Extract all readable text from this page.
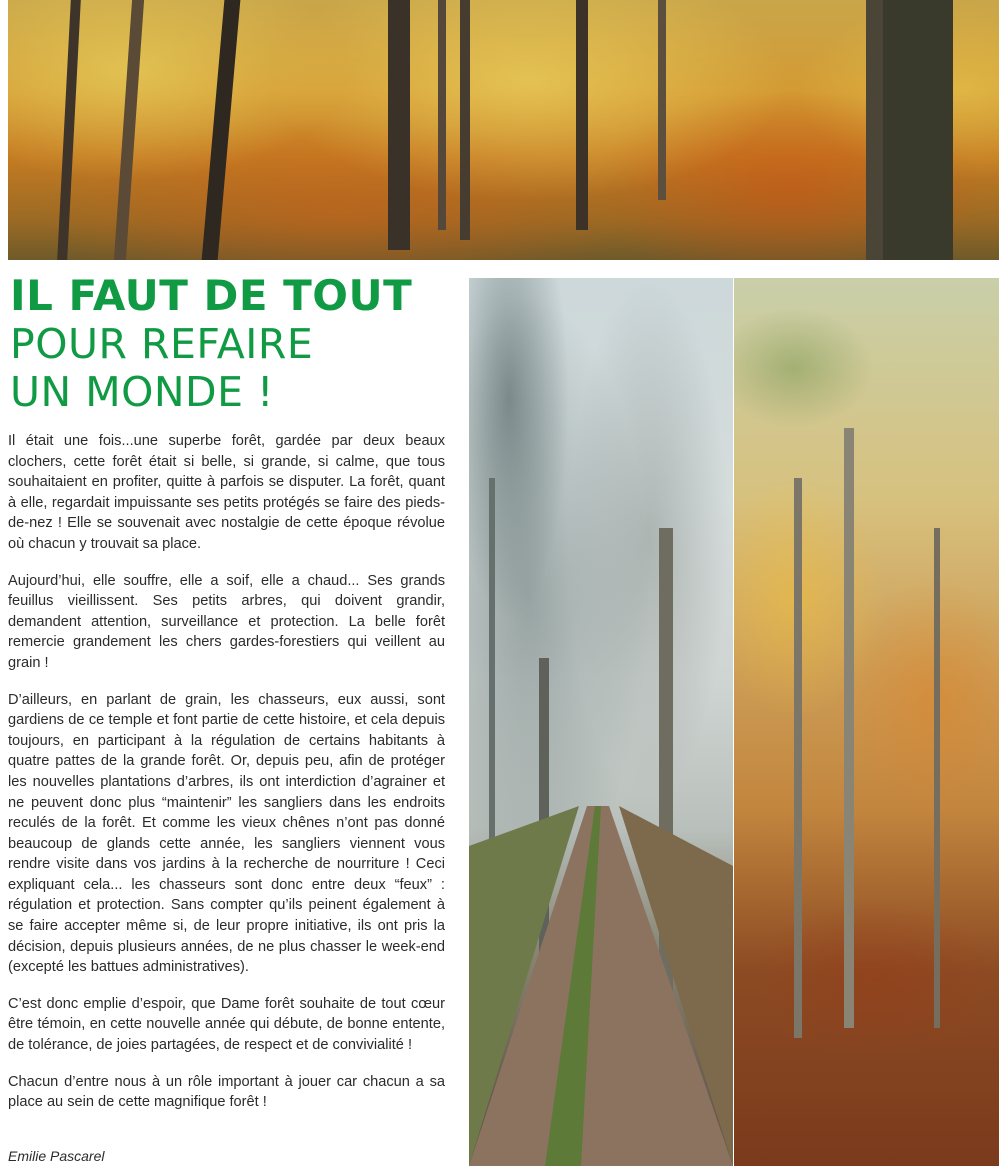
IL FAUT DE TOUT
POUR REFAIRE
UN MONDE !

Il était une fois...une superbe forêt, gardée par deux beaux clochers, cette forêt était si belle, si grande, si calme, que tous souhaitaient en profiter, quitte à parfois se disputer. La forêt, quant à elle, regardait impuissante ses petits protégés se faire des pieds-de-nez ! Elle se souvenait avec nostalgie de cette époque révolue où chacun y trouvait sa place.

Aujourd’hui, elle souffre, elle a soif, elle a chaud... Ses grands feuillus vieillissent. Ses petits arbres, qui doivent grandir, demandent attention, surveillance et protection. La belle forêt remercie grandement les chers gardes-forestiers qui veillent au grain !

D’ailleurs, en parlant de grain, les chasseurs, eux aussi, sont gardiens de ce temple et font partie de cette histoire, et cela depuis toujours, en participant à la régulation de certains habitants à quatre pattes de la grande forêt. Or, depuis peu, afin de protéger les nouvelles plantations d’arbres, ils ont interdiction d’agrainer et ne peuvent donc plus “maintenir” les sangliers dans les endroits reculés de la forêt. Et comme les vieux chênes n’ont pas donné beaucoup de glands cette année, les sangliers viennent vous rendre visite dans vos jardins à la recherche de nourriture ! Ceci expliquant cela... les chasseurs sont donc entre deux “feux” : régulation et protection. Sans compter qu’ils peinent également à se faire accepter même si, de leur propre initiative, ils ont pris la décision, depuis plusieurs années, de ne plus chasser le week-end (excepté les battues administratives).

C’est donc emplie d’espoir, que Dame forêt souhaite de tout cœur être témoin, en cette nouvelle année qui débute, de bonne entente, de tolérance, de joies partagées, de respect et de convivialité !

Chacun d’entre nous à un rôle important à jouer car chacun a sa place au sein de cette magnifique forêt !

Emilie Pascarel
